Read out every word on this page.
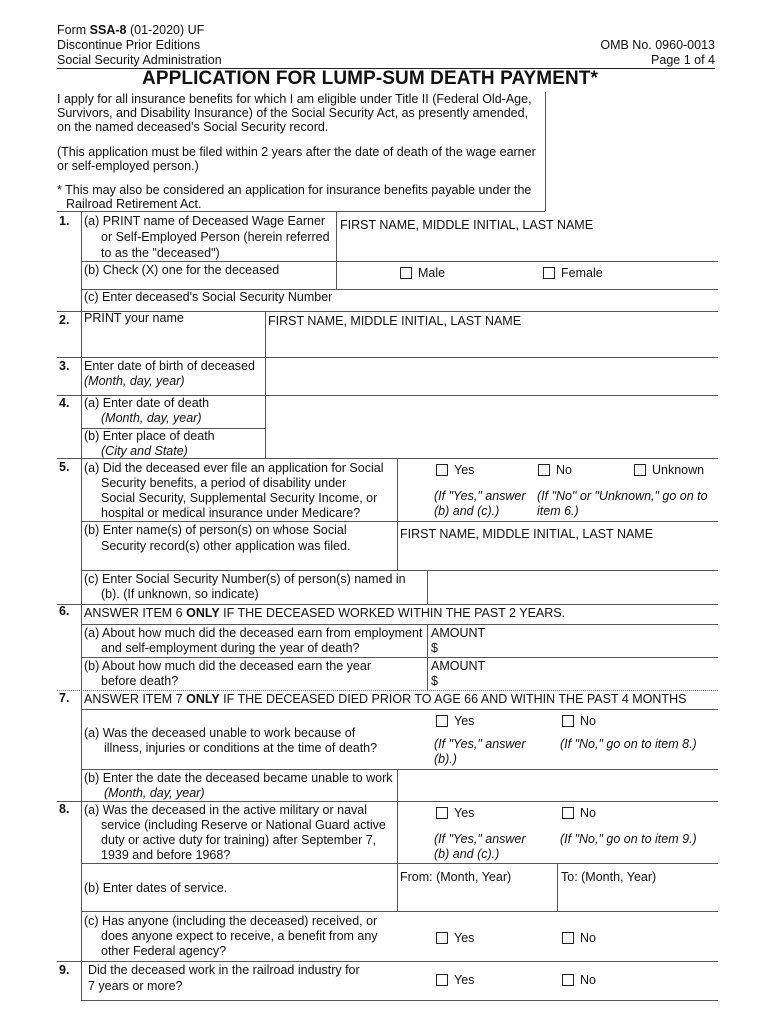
Form SSA-8 (01-2020) UF
Discontinue Prior Editions
Social Security Administration
OMB No. 0960-0013
Page 1 of 4
APPLICATION FOR LUMP-SUM DEATH PAYMENT*
I apply for all insurance benefits for which I am eligible under Title II (Federal Old-Age,
Survivors, and Disability Insurance) of the Social Security Act, as presently amended,
on the named deceased's Social Security record.
(This application must be filed within 2 years after the date of death of the wage earner
or self-employed person.)
* This may also be considered an application for insurance benefits payable under the
Railroad Retirement Act.
1. (a) PRINT name of Deceased Wage Earner
or Self-Employed Person (herein referred
to as the "deceased")
FIRST NAME, MIDDLE INITIAL, LAST NAME
(b) Check (X) one for the deceased	Male	Female
(c) Enter deceased's Social Security Number
2. PRINT your name	FIRST NAME, MIDDLE INITIAL, LAST NAME
3. Enter date of birth of deceased
(Month, day, year)
4. (a) Enter date of death
(Month, day, year)
(b) Enter place of death
(City and State)
5. (a) Did the deceased ever file an application for Social
Security benefits, a period of disability under
Social Security, Supplemental Security Income, or
hospital or medical insurance under Medicare?
Yes	No	Unknown
(If "Yes," answer
(b) and (c).)
(If "No" or "Unknown," go on to
item 6.)
(b) Enter name(s) of person(s) on whose Social
Security record(s) other application was filed.
FIRST NAME, MIDDLE INITIAL, LAST NAME
(c) Enter Social Security Number(s) of person(s) named in
(b). (If unknown, so indicate)
6. ANSWER ITEM 6 ONLY IF THE DECEASED WORKED WITHIN THE PAST 2 YEARS.
(a) About how much did the deceased earn from employment
and self-employment during the year of death?
AMOUNT
$
(b) About how much did the deceased earn the year
before death?
AMOUNT
$
7. ANSWER ITEM 7 ONLY IF THE DECEASED DIED PRIOR TO AGE 66 AND WITHIN THE PAST 4 MONTHS
(a) Was the deceased unable to work because of
illness, injuries or conditions at the time of death?
Yes	No
(If "Yes," answer
(b).)
(If "No," go on to item 8.)
(b) Enter the date the deceased became unable to work
(Month, day, year)
8. (a) Was the deceased in the active military or naval
service (including Reserve or National Guard active
duty or active duty for training) after September 7,
1939 and before 1968?
Yes	No
(If "Yes," answer
(b) and (c).)
(If "No," go on to item 9.)
(b) Enter dates of service.
From: (Month, Year)	To: (Month, Year)
(c) Has anyone (including the deceased) received, or
does anyone expect to receive, a benefit from any
other Federal agency?
Yes	No
9. Did the deceased work in the railroad industry for
7 years or more?	Yes	No
